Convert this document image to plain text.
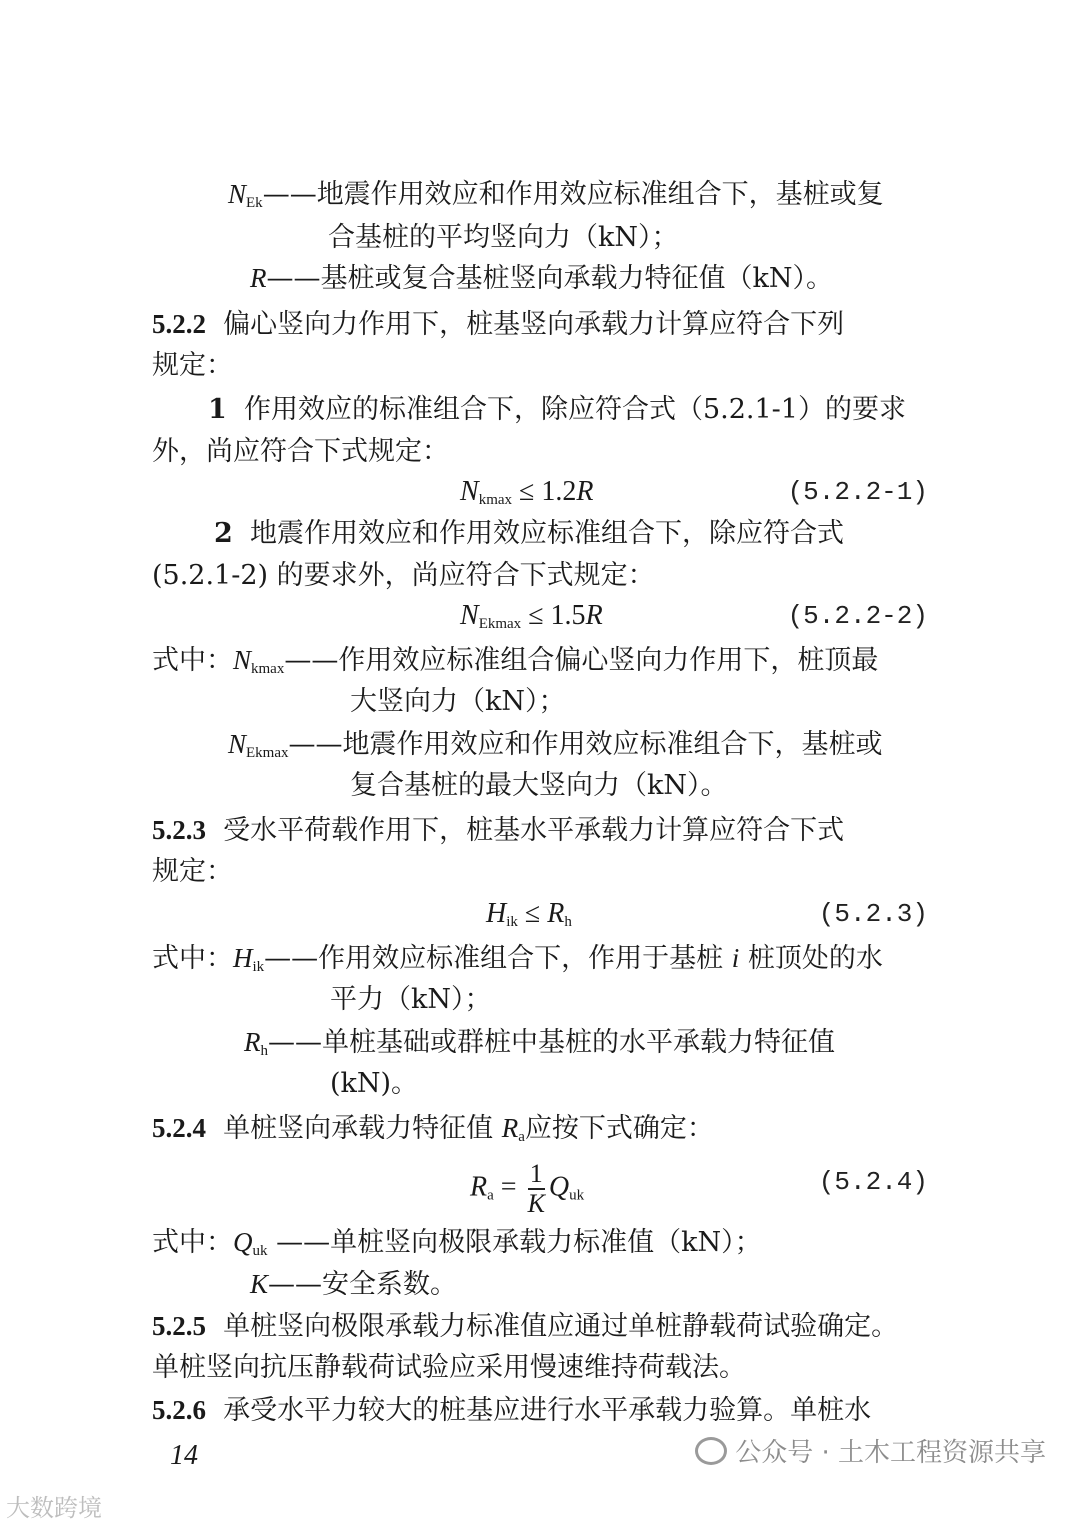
$N_{Ek}——$地震作用效应和作用效应标准组合下，基桩或复
合基桩的平均竖向力（kN）；
R——基桩或复合基桩竖向承载力特征值（kN）。
5.2.2 偏心竖向力作用下，桩基竖向承载力计算应符合下列
规定：
1 作用效应的标准组合下，除应符合式（5.2.1-1）的要求
外，尚应符合下式规定：
$N_{kmax} \le 1.2R$	(5.2.2-1)
2 地震作用效应和作用效应标准组合下，除应符合式
(5.2.1-2) 的要求外，尚应符合下式规定：
$N_{Ekmax} \le 1.5R$	(5.2.2-2)
式中：$N_{kmax}——$作用效应标准组合偏心竖向力作用下，桩顶最
大竖向力（kN）；
$N_{Ekmax}——$地震作用效应和作用效应标准组合下，基桩或
复合基桩的最大竖向力（kN）。
5.2.3 受水平荷载作用下，桩基水平承载力计算应符合下式
规定：
$H_{ik} \le R_h$	(5.2.3)
式中：$H_{ik}——$作用效应标准组合下，作用于基桩 i 桩顶处的水
平力（kN）；
$R_h——$单桩基础或群桩中基桩的水平承载力特征值
(kN)。
5.2.4 单桩竖向承载力特征值 $R_a$应按下式确定：
$R_a = \frac{1}{K} Q_{uk}$	(5.2.4)
式中：$Q_{uk}$ ——单桩竖向极限承载力标准值（kN）；
K——安全系数。
5.2.5 单桩竖向极限承载力标准值应通过单桩静载荷试验确定。
单桩竖向抗压静载荷试验应采用慢速维持荷载法。
5.2.6 承受水平力较大的桩基应进行水平承载力验算。单桩水
14	公众号 · 土木工程资源共享
大数跨境
